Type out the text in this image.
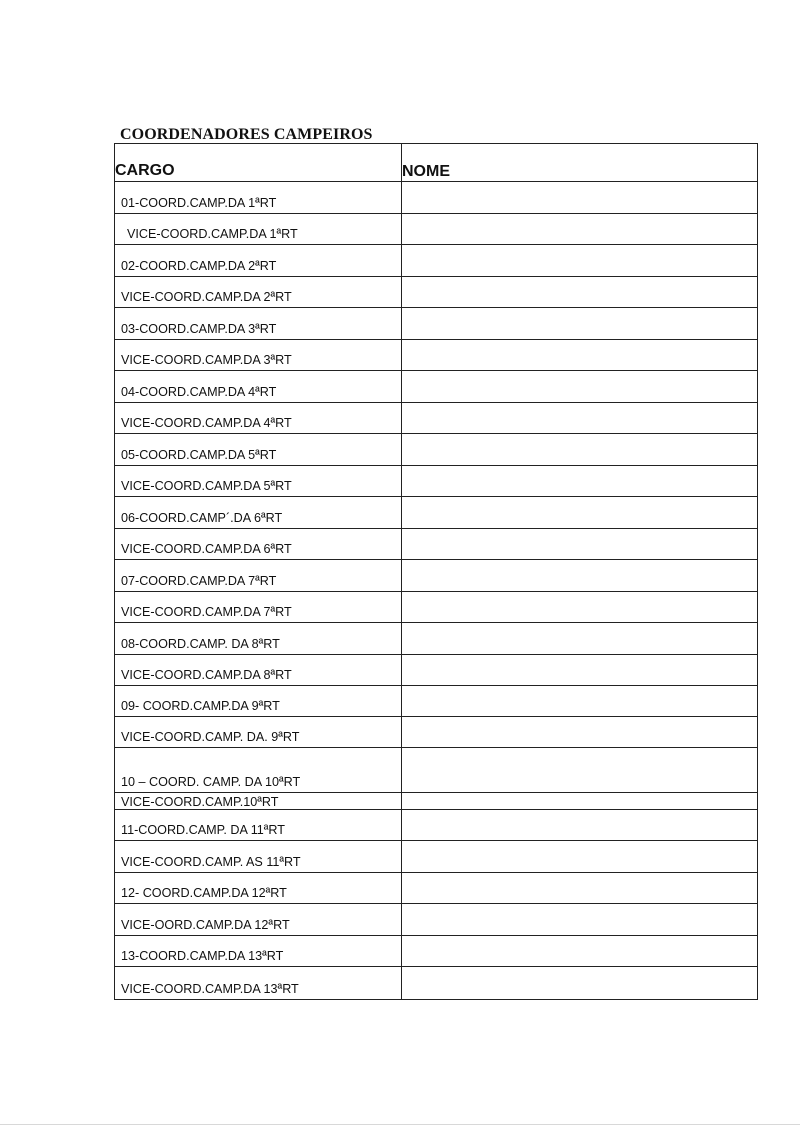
COORDENADORES CAMPEIROS
CARGO	NOME
01-COORD.CAMP.DA 1ªRT	
VICE-COORD.CAMP.DA 1ªRT	
02-COORD.CAMP.DA 2ªRT	
VICE-COORD.CAMP.DA 2ªRT	
03-COORD.CAMP.DA 3ªRT	
VICE-COORD.CAMP.DA 3ªRT	
04-COORD.CAMP.DA 4ªRT	
VICE-COORD.CAMP.DA 4ªRT	
05-COORD.CAMP.DA 5ªRT	
VICE-COORD.CAMP.DA 5ªRT	
06-COORD.CAMP´.DA 6ªRT	
VICE-COORD.CAMP.DA 6ªRT	
07-COORD.CAMP.DA 7ªRT	
VICE-COORD.CAMP.DA 7ªRT	
08-COORD.CAMP. DA 8ªRT	
VICE-COORD.CAMP.DA 8ªRT	
09- COORD.CAMP.DA 9ªRT	
VICE-COORD.CAMP. DA. 9ªRT	
10 – COORD. CAMP. DA 10ªRT	
VICE-COORD.CAMP.10ªRT	
11-COORD.CAMP. DA 11ªRT	
VICE-COORD.CAMP. AS 11ªRT	
12- COORD.CAMP.DA 12ªRT	
VICE-OORD.CAMP.DA 12ªRT	
13-COORD.CAMP.DA 13ªRT	
VICE-COORD.CAMP.DA 13ªRT	
